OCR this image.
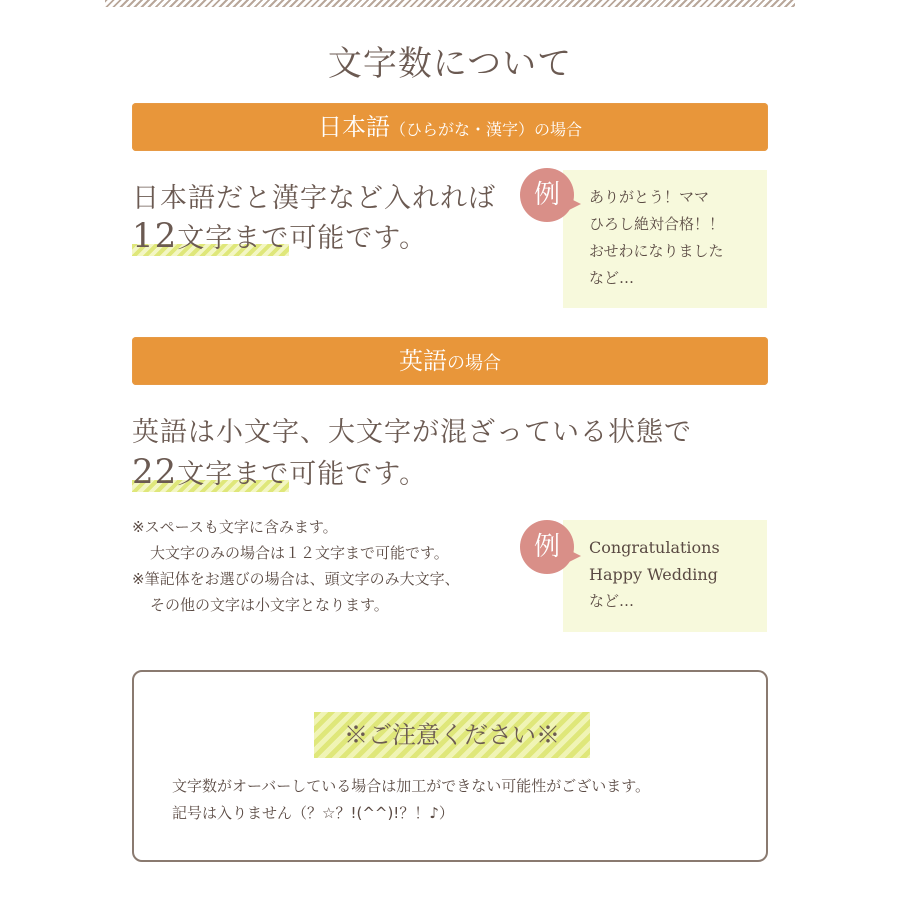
文字数について
日本語（ひらがな・漢字）の場合
日本語だと漢字など入れれば
12文字まで可能です。
ありがとう！ママ
ひろし絶対合格！！
おせわになりました
など…
例
英語の場合
英語は小文字、大文字が混ざっている状態で
22文字まで可能です。
※スペースも文字に含みます。
大文字のみの場合は１２文字まで可能です。
※筆記体をお選びの場合は、頭文字のみ大文字、
その他の文字は小文字となります。
Congratulations
Happy Wedding
など…
例
※ご注意ください※
文字数がオーバーしている場合は加工ができない可能性がございます。
記号は入りません（？☆？!(^^)!？！♪）
